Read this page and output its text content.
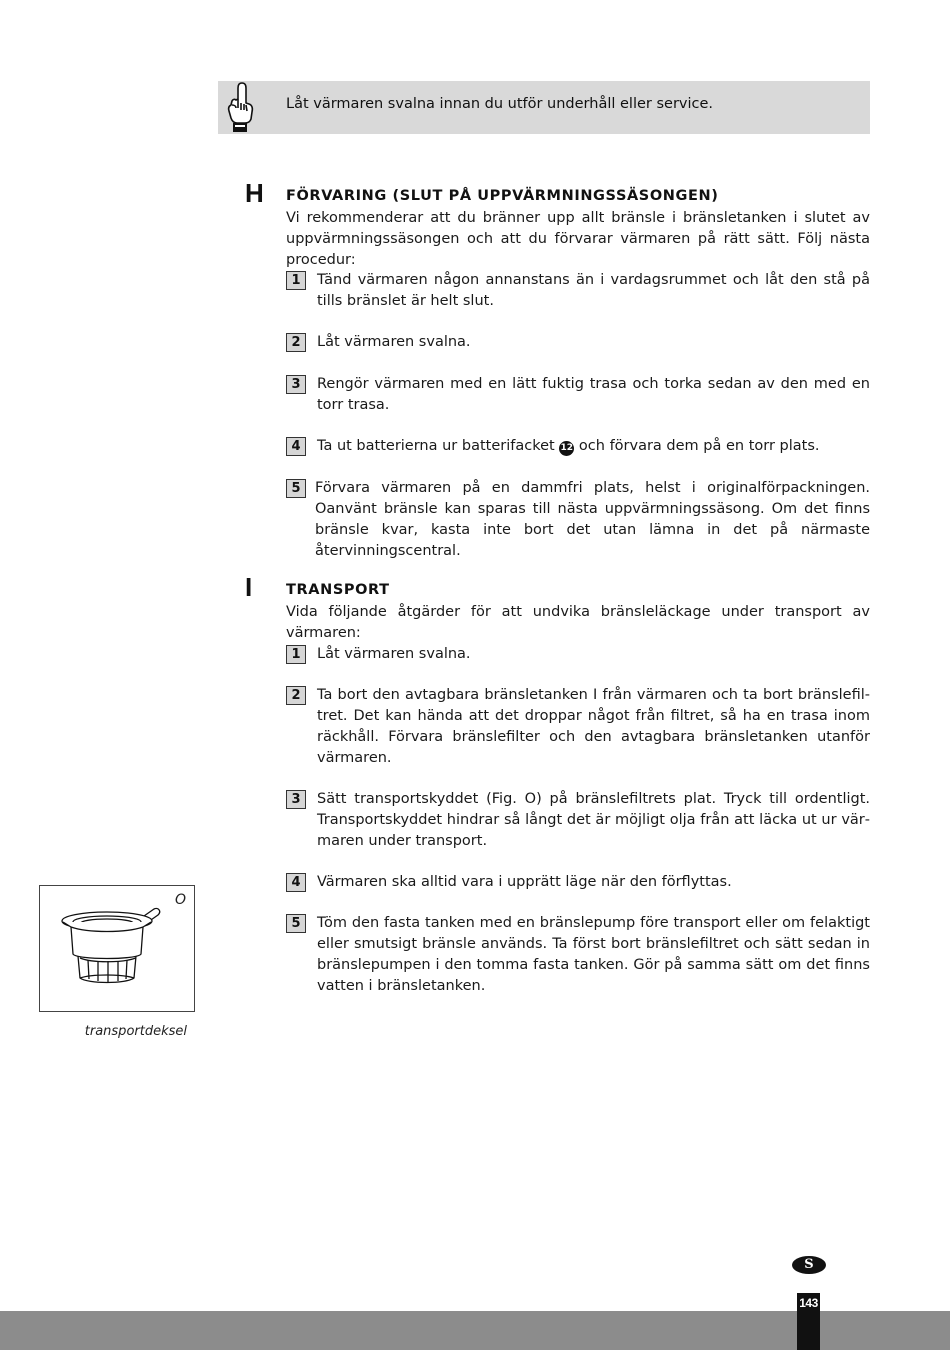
Låt värmaren svalna innan du utför underhåll eller service.
H FÖRVARING (SLUT PÅ UPPVÄRMNINGSSÄSONGEN)

Vi rekommenderar att du bränner upp allt bränsle i bränsletanken i slutet av uppvärmningssäsongen och att du förvarar värmaren på rätt sätt. Följ nästa procedur:

1	Tänd värmaren någon annanstans än i vardagsrummet och låt den stå på tills bränslet är helt slut.
2	Låt värmaren svalna.
3	Rengör värmaren med en lätt fuktig trasa och torka sedan av den med en torr trasa.
4	Ta ut batterierna ur batterifacket 12 och förvara dem på en torr plats.
5 Förvara värmaren på en dammfri plats, helst i originalförpackningen. Oanvänt bränsle kan sparas till nästa uppvärmningssäsong. Om det finns bränsle kvar, kasta inte bort det utan lämna in det på närmaste återvinningscentral.
I TRANSPORT

Vida följande åtgärder för att undvika bränsleläckage under transport av värmaren:

1	Låt värmaren svalna.
2	Ta bort den avtagbara bränsletanken I från värmaren och ta bort bränslefiltret. Det kan hända att det droppar något från filtret, så ha en trasa inom räckhåll. Förvara bränslefilter och den avtagbara bränsletanken utanför värmaren.
3	Sätt transportskyddet (Fig. O) på bränslefiltrets plat. Tryck till ordentligt. Transportskyddet hindrar så långt det är möjligt olja från att läcka ut ur värmaren under transport.
4	Värmaren ska alltid vara i upprätt läge när den förflyttas.
5	Töm den fasta tanken med en bränslepump före transport eller om felaktigt eller smutsigt bränsle används. Ta först bort bränslefiltret och sätt sedan in bränslepumpen i den tomma fasta tanken. Gör på samma sätt om det finns vatten i bränsletanken.
O
transportdeksel
S
143
